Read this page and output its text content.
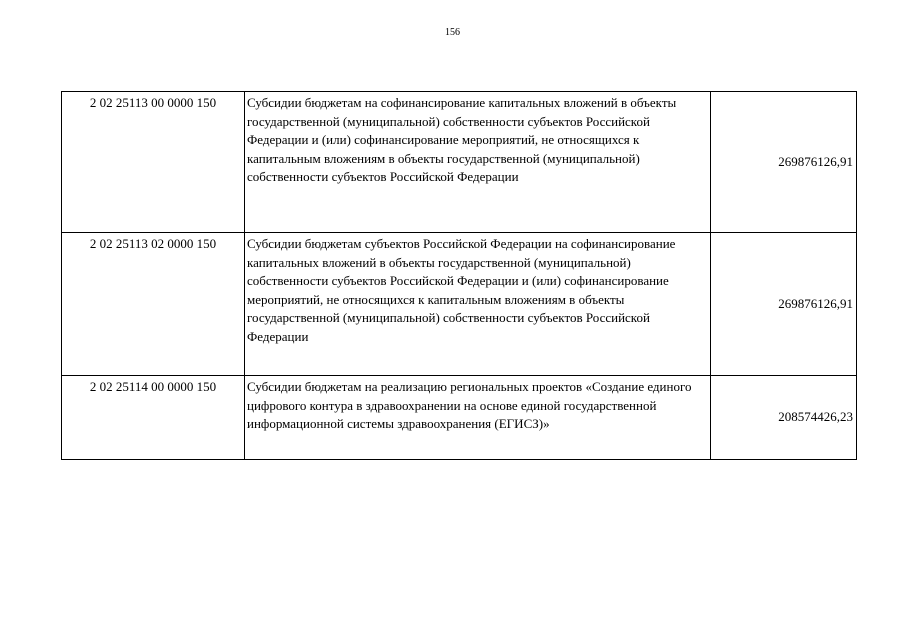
156
2 02 25113 00 0000 150	Субсидии бюджетам на софинансирование капитальных вложений в объекты государственной (муниципальной) собственности субъектов Российской Федерации и (или) софинансирование мероприятий, не относящихся к капитальным вложениям в объекты государственной (муниципальной) собственности субъектов Российской Федерации	269876126,91
2 02 25113 02 0000 150	Субсидии бюджетам субъектов Российской Федерации на софинансирование капитальных вложений в объекты государственной (муниципальной) собственности субъектов Российской Федерации и (или) софинансирование мероприятий, не относящихся к капитальным вложениям в объекты государственной (муниципальной) собственности субъектов Российской Федерации	269876126,91
2 02 25114 00 0000 150	Субсидии бюджетам на реализацию региональных проектов «Создание единого цифрового контура в здравоохранении на основе единой государственной информационной системы здравоохранения (ЕГИСЗ)»	208574426,23
